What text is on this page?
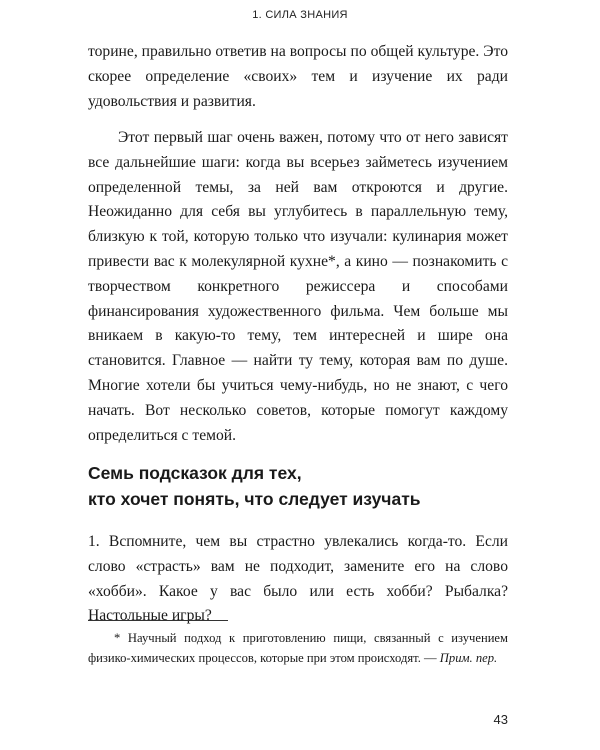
1. СИЛА ЗНАНИЯ

торине, правильно ответив на вопросы по общей культуре. Это скорее определение «своих» тем и изучение их ради удовольствия и развития.

Этот первый шаг очень важен, потому что от него зависят все дальнейшие шаги: когда вы всерьез займетесь изучением определенной темы, за ней вам откроются и другие. Неожиданно для себя вы углубитесь в параллельную тему, близкую к той, которую только что изучали: кулинария может привести вас к молекулярной кухне*, а кино — познакомить с творчеством конкретного режиссера и способами финансирования художественного фильма. Чем больше мы вникаем в какую-то тему, тем интересней и шире она становится. Главное — найти ту тему, которая вам по душе. Многие хотели бы учиться чему-нибудь, но не знают, с чего начать. Вот несколько советов, которые помогут каждому определиться с темой.

Семь подсказок для тех,
кто хочет понять, что следует изучать

1. Вспомните, чем вы страстно увлекались когда-то. Если слово «страсть» вам не подходит, замените его на слово «хобби». Какое у вас было или есть хобби? Рыбалка? Настольные игры?

* Научный подход к приготовлению пищи, связанный с изучением физико-химических процессов, которые при этом происходят. — Прим. пер.

43
